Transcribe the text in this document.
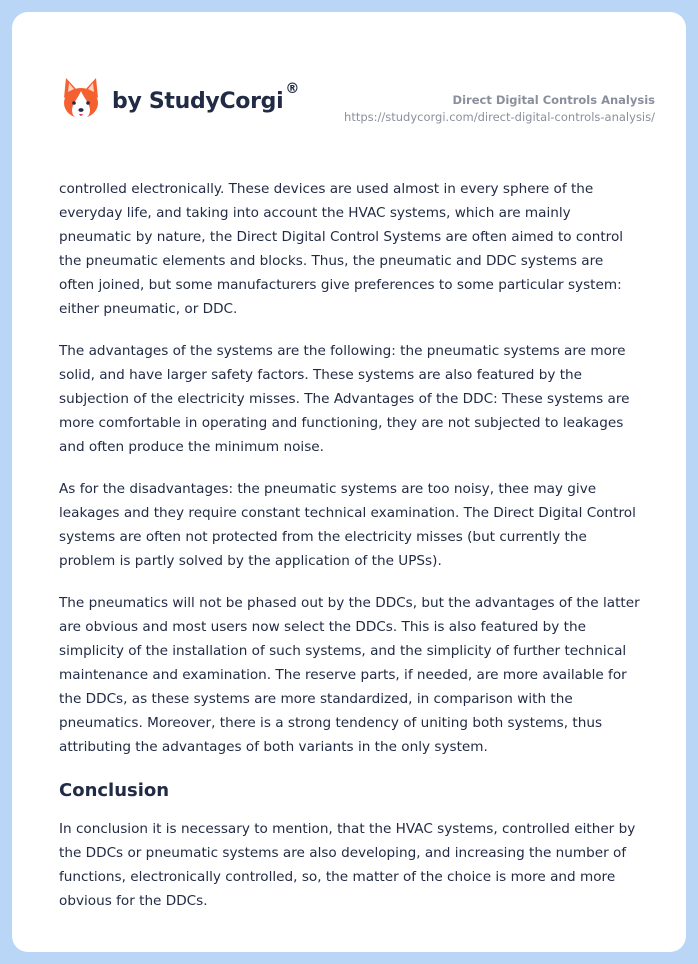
by StudyCorgi ®
Direct Digital Controls Analysis
https://studycorgi.com/direct-digital-controls-analysis/

controlled electronically. These devices are used almost in every sphere of the everyday life, and taking into account the HVAC systems, which are mainly pneumatic by nature, the Direct Digital Control Systems are often aimed to control the pneumatic elements and blocks. Thus, the pneumatic and DDC systems are often joined, but some manufacturers give preferences to some particular system: either pneumatic, or DDC.

The advantages of the systems are the following: the pneumatic systems are more solid, and have larger safety factors. These systems are also featured by the subjection of the electricity misses. The Advantages of the DDC: These systems are more comfortable in operating and functioning, they are not subjected to leakages and often produce the minimum noise.

As for the disadvantages: the pneumatic systems are too noisy, thee may give leakages and they require constant technical examination. The Direct Digital Control systems are often not protected from the electricity misses (but currently the problem is partly solved by the application of the UPSs).

The pneumatics will not be phased out by the DDCs, but the advantages of the latter are obvious and most users now select the DDCs. This is also featured by the simplicity of the installation of such systems, and the simplicity of further technical maintenance and examination. The reserve parts, if needed, are more available for the DDCs, as these systems are more standardized, in comparison with the pneumatics. Moreover, there is a strong tendency of uniting both systems, thus attributing the advantages of both variants in the only system.

Conclusion

In conclusion it is necessary to mention, that the HVAC systems, controlled either by the DDCs or pneumatic systems are also developing, and increasing the number of functions, electronically controlled, so, the matter of the choice is more and more obvious for the DDCs.
